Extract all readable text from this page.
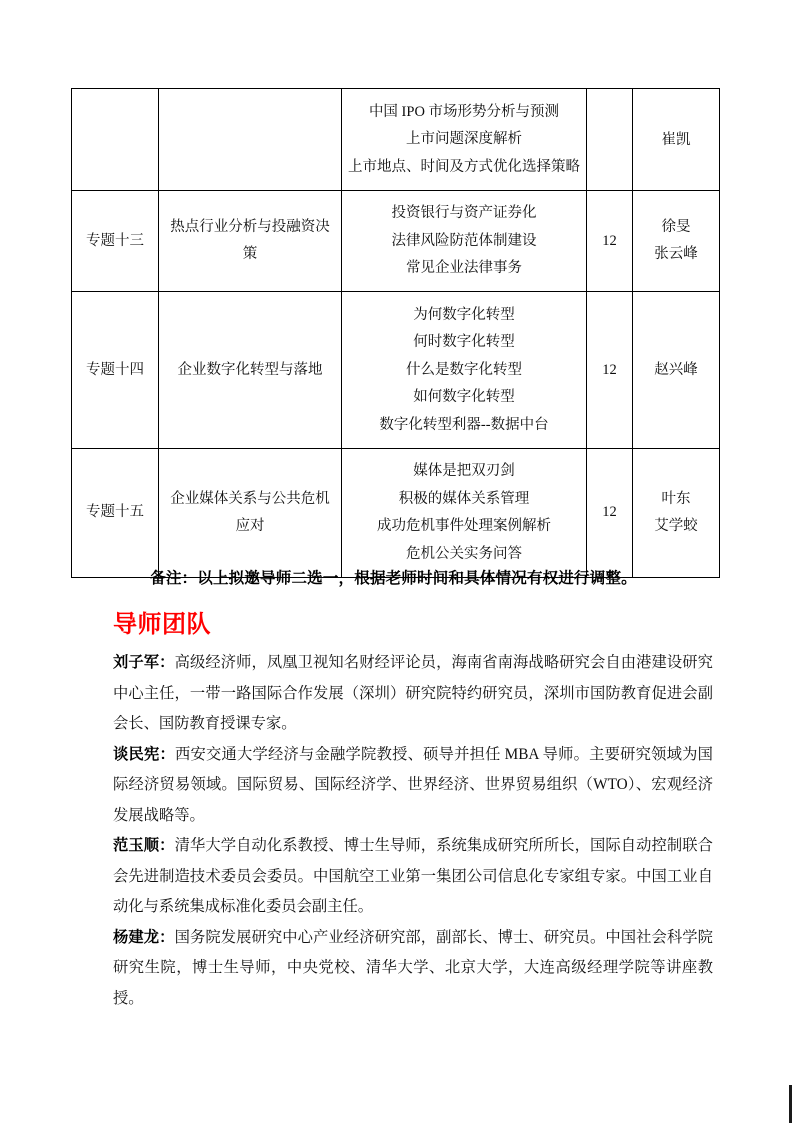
		中国 IPO 市场形势分析与预测
上市问题深度解析
上市地点、时间及方式优化选择策略		崔凯

专题十三	热点行业分析与投融资决
策	投资银行与资产证券化
法律风险防范体制建设
常见企业法律事务	12	徐旻
张云峰

专题十四	企业数字化转型与落地	为何数字化转型
何时数字化转型
什么是数字化转型
如何数字化转型
数字化转型利器--数据中台	12	赵兴峰

专题十五	企业媒体关系与公共危机
应对	媒体是把双刃剑
积极的媒体关系管理
成功危机事件处理案例解析
危机公关实务问答	12	叶东
艾学蛟
备注：以上拟邀导师二选一，根据老师时间和具体情况有权进行调整。
导师团队

刘子军：高级经济师，凤凰卫视知名财经评论员，海南省南海战略研究会自由港建设研究中心主任，一带一路国际合作发展（深圳）研究院特约研究员，深圳市国防教育促进会副会长、国防教育授课专家。

谈民宪：西安交通大学经济与金融学院教授、硕导并担任 MBA 导师。主要研究领域为国际经济贸易领域。国际贸易、国际经济学、世界经济、世界贸易组织（WTO）、宏观经济发展战略等。

范玉顺：清华大学自动化系教授、博士生导师，系统集成研究所所长，国际自动控制联合会先进制造技术委员会委员。中国航空工业第一集团公司信息化专家组专家。中国工业自动化与系统集成标准化委员会副主任。

杨建龙：国务院发展研究中心产业经济研究部，副部长、博士、研究员。中国社会科学院研究生院，博士生导师，中央党校、清华大学、北京大学，大连高级经理学院等讲座教授。
